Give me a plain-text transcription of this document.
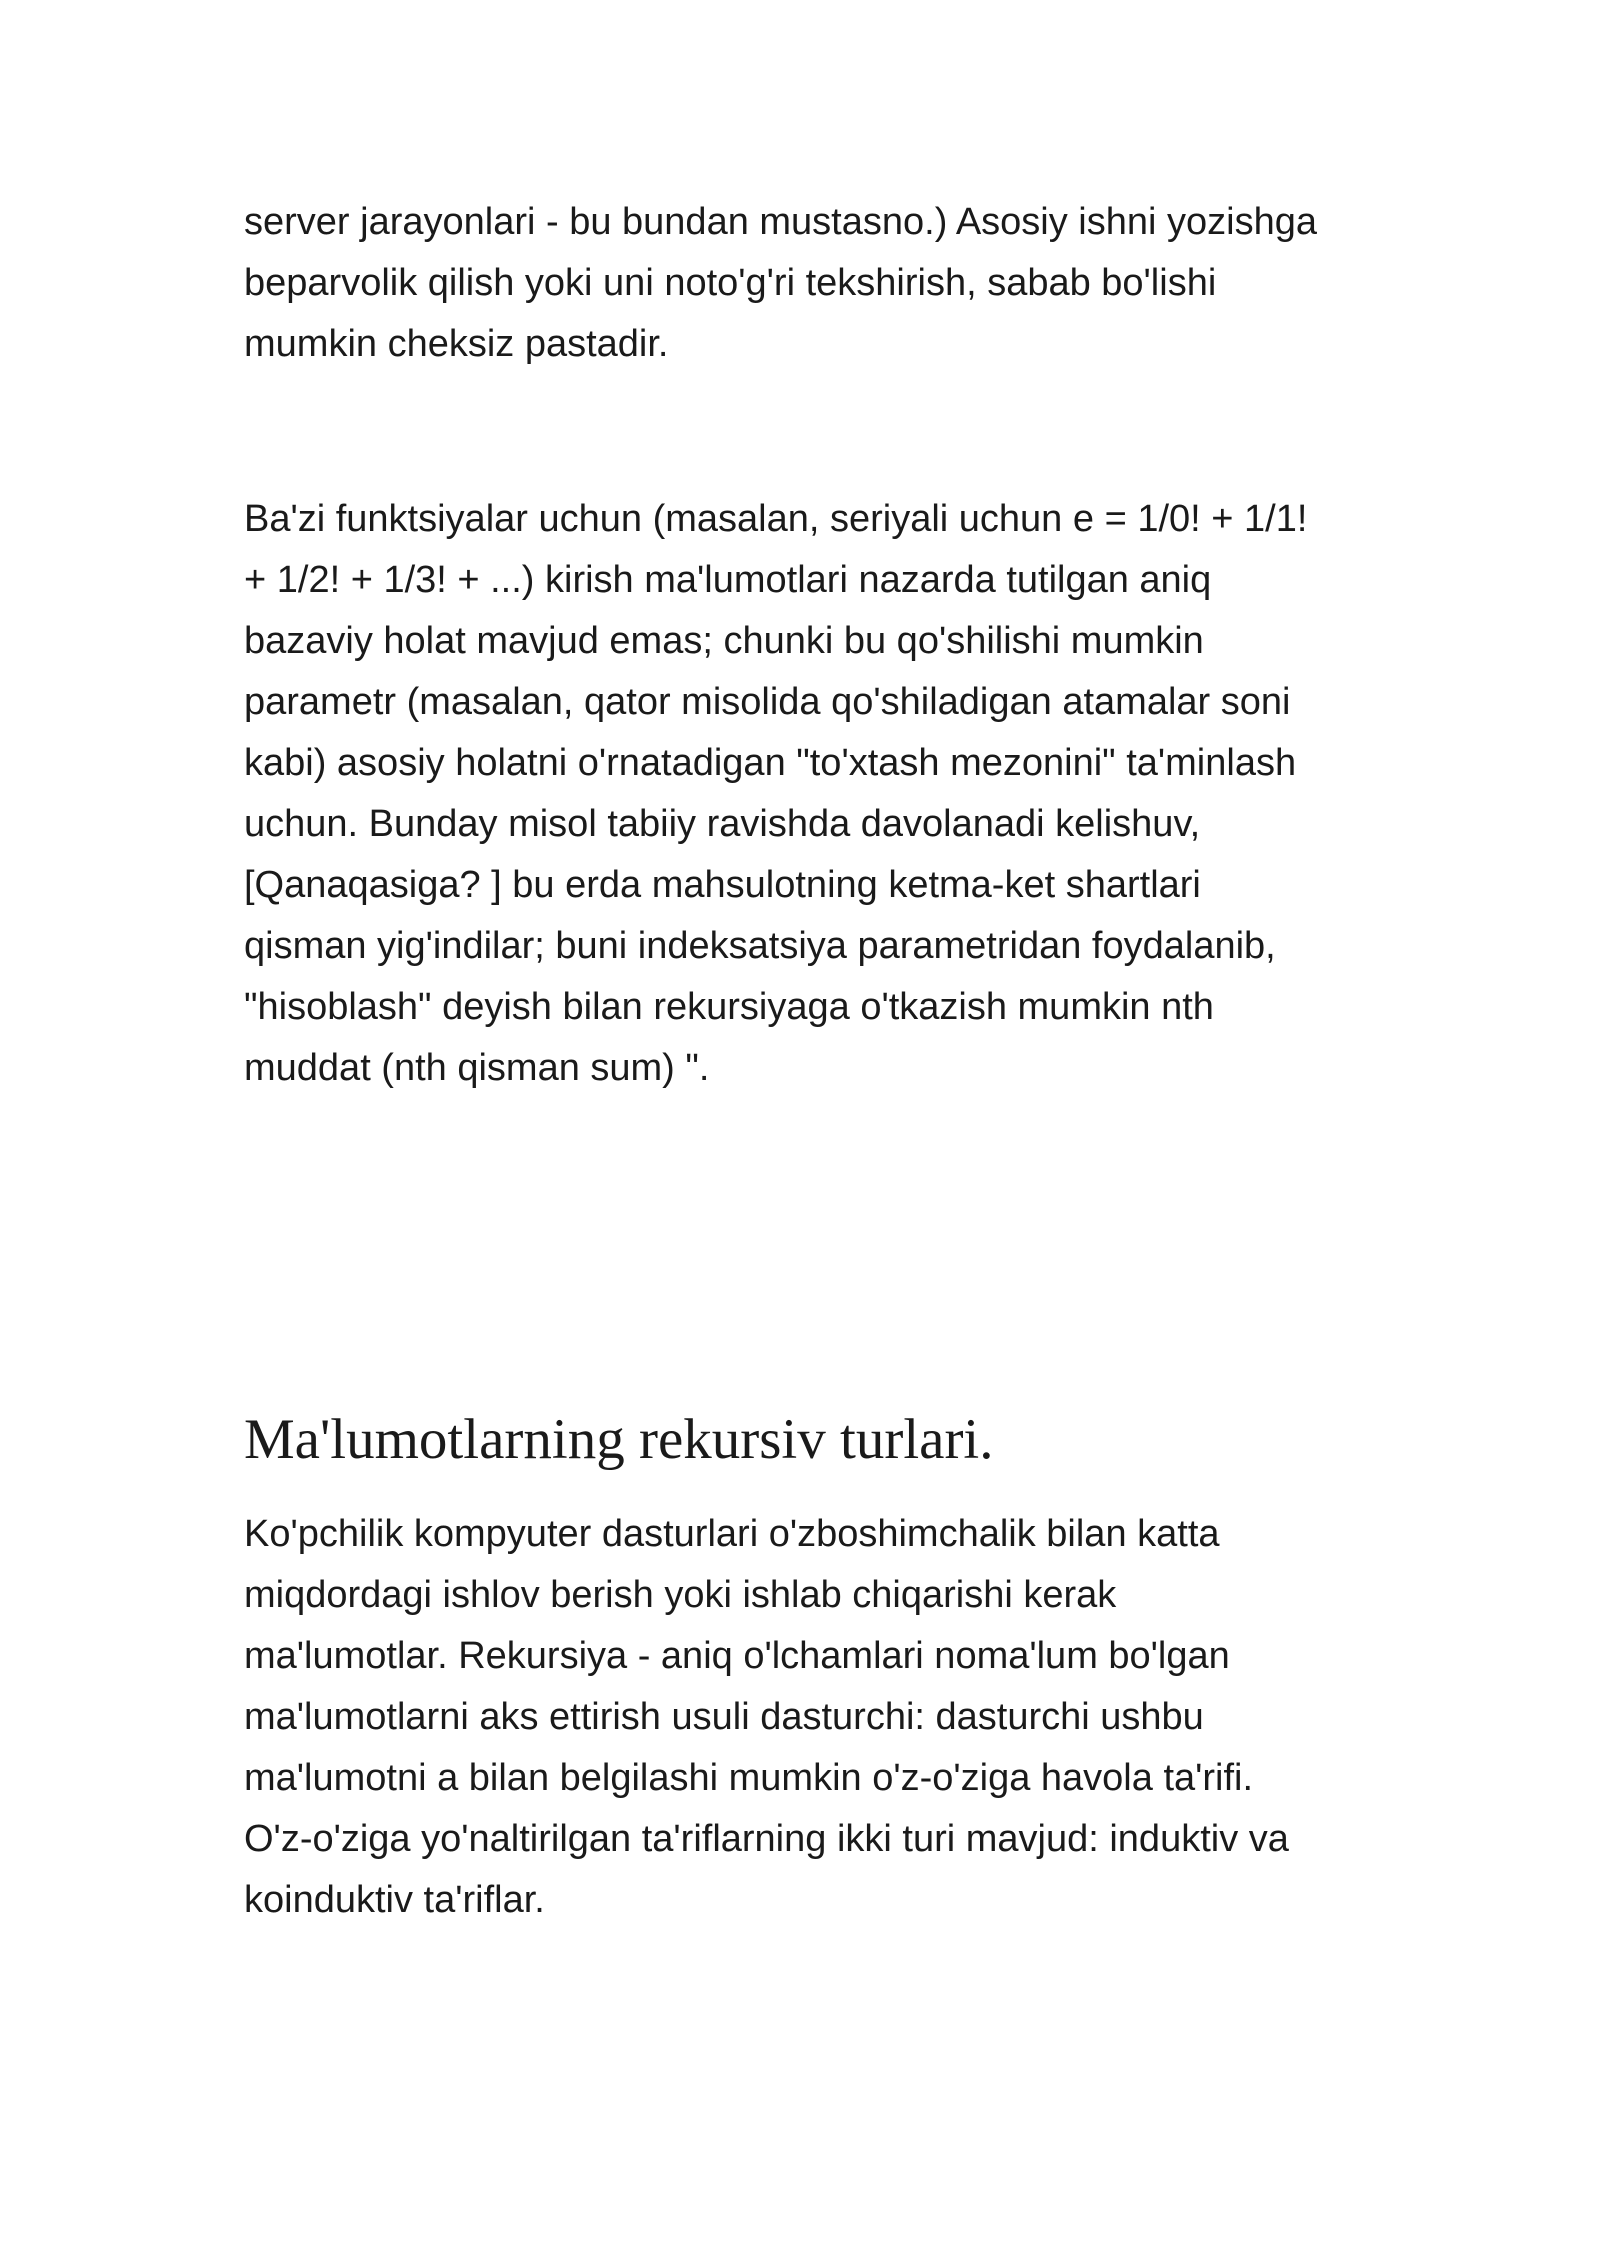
server jarayonlari - bu bundan mustasno.) Asosiy ishni yozishga

beparvolik qilish yoki uni noto'g'ri tekshirish, sabab bo'lishi

mumkin cheksiz pastadir.

Ba'zi funktsiyalar uchun (masalan, seriyali uchun e = 1/0! + 1/1!

+ 1/2! + 1/3! + ...) kirish ma'lumotlari nazarda tutilgan aniq

bazaviy holat mavjud emas; chunki bu qo'shilishi mumkin

parametr (masalan, qator misolida qo'shiladigan atamalar soni

kabi) asosiy holatni o'rnatadigan "to'xtash mezonini" ta'minlash

uchun. Bunday misol tabiiy ravishda davolanadi kelishuv,

[Qanaqasiga? ] bu erda mahsulotning ketma-ket shartlari

qisman yig'indilar; buni indeksatsiya parametridan foydalanib,

"hisoblash" deyish bilan rekursiyaga o'tkazish mumkin nth

muddat (nth qisman sum) ".

Ma'lumotlarning rekursiv turlari.

Ko'pchilik kompyuter dasturlari o'zboshimchalik bilan katta

miqdordagi ishlov berish yoki ishlab chiqarishi kerak

ma'lumotlar. Rekursiya - aniq o'lchamlari noma'lum bo'lgan

ma'lumotlarni aks ettirish usuli dasturchi: dasturchi ushbu

ma'lumotni a bilan belgilashi mumkin o'z-o'ziga havola ta'rifi.

O'z-o'ziga yo'naltirilgan ta'riflarning ikki turi mavjud: induktiv va

koinduktiv ta'riflar.
